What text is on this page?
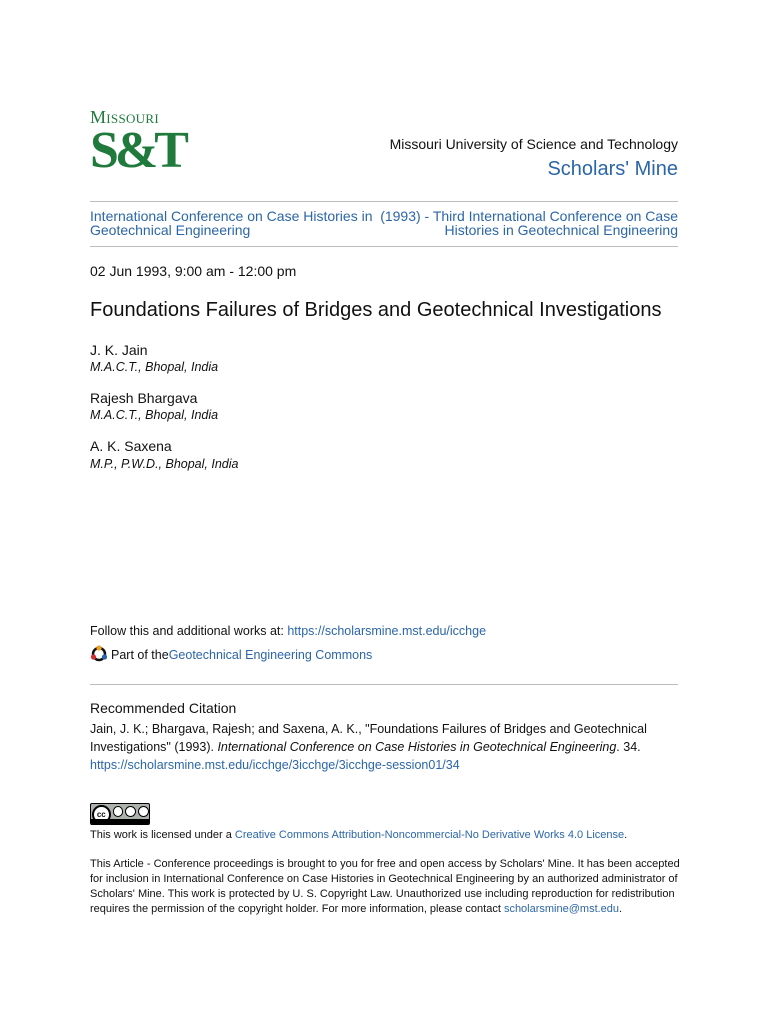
Missouri
S&T	Missouri University of Science and Technology
Scholars' Mine
International Conference on Case Histories in Geotechnical Engineering
(1993) - Third International Conference on Case Histories in Geotechnical Engineering
02 Jun 1993, 9:00 am - 12:00 pm
Foundations Failures of Bridges and Geotechnical Investigations
J. K. Jain
M.A.C.T., Bhopal, India
Rajesh Bhargava
M.A.C.T., Bhopal, India
A. K. Saxena
M.P., P.W.D., Bhopal, India
Follow this and additional works at: https://scholarsmine.mst.edu/icchge
Part of the Geotechnical Engineering Commons
Recommended Citation
Jain, J. K.; Bhargava, Rajesh; and Saxena, A. K., "Foundations Failures of Bridges and Geotechnical Investigations" (1993). International Conference on Case Histories in Geotechnical Engineering. 34.
https://scholarsmine.mst.edu/icchge/3icchge/3icchge-session01/34
cc
This work is licensed under a Creative Commons Attribution-Noncommercial-No Derivative Works 4.0 License.
This Article - Conference proceedings is brought to you for free and open access by Scholars' Mine. It has been accepted for inclusion in International Conference on Case Histories in Geotechnical Engineering by an authorized administrator of Scholars' Mine. This work is protected by U. S. Copyright Law. Unauthorized use including reproduction for redistribution requires the permission of the copyright holder. For more information, please contact scholarsmine@mst.edu.
